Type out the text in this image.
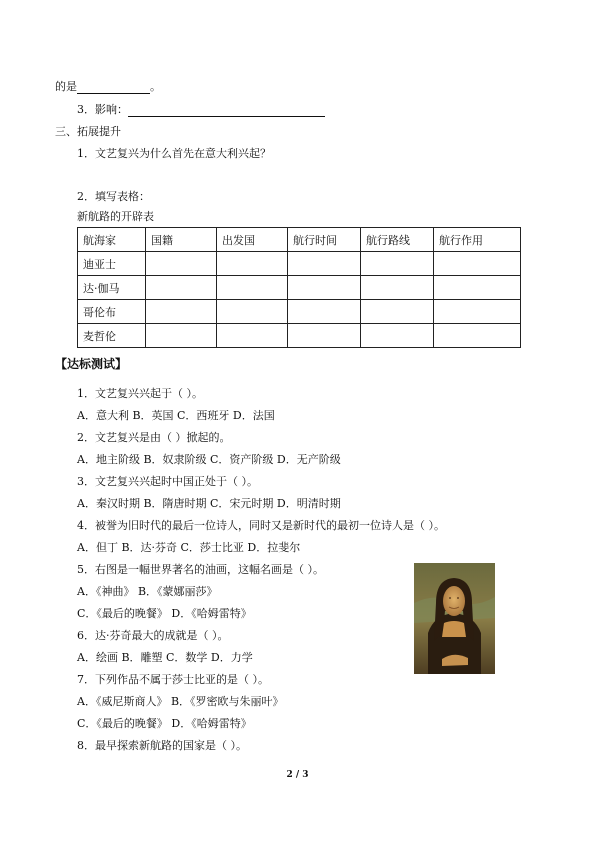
的是	。
3．影响：
三、拓展提升
1．文艺复兴为什么首先在意大利兴起？
2．填写表格：
新航路的开辟表
航海家	国籍	出发国	航行时间	航行路线	航行作用
迪亚士					
达·伽马					
哥伦布					
麦哲伦					
【达标测试】
1．文艺复兴兴起于（ ）。
A．意大利 B．英国 C．西班牙 D．法国
2．文艺复兴是由（ ）掀起的。
A．地主阶级 B．奴隶阶级 C．资产阶级 D．无产阶级
3．文艺复兴兴起时中国正处于（ ）。
A．秦汉时期 B．隋唐时期 C．宋元时期 D．明清时期
4．被誉为旧时代的最后一位诗人，同时又是新时代的最初一位诗人是（ ）。
A．但丁 B．达·芬奇 C．莎士比亚 D．拉斐尔
5．右图是一幅世界著名的油画，这幅名画是（ ）。
A．《神曲》 B．《蒙娜丽莎》
C．《最后的晚餐》 D．《哈姆雷特》
6．达·芬奇最大的成就是（ ）。
A．绘画 B．雕塑 C．数学 D．力学
7．下列作品不属于莎士比亚的是（ ）。
A．《威尼斯商人》 B．《罗密欧与朱丽叶》
C．《最后的晚餐》 D．《哈姆雷特》
8．最早探索新航路的国家是（ ）。
2 / 3
